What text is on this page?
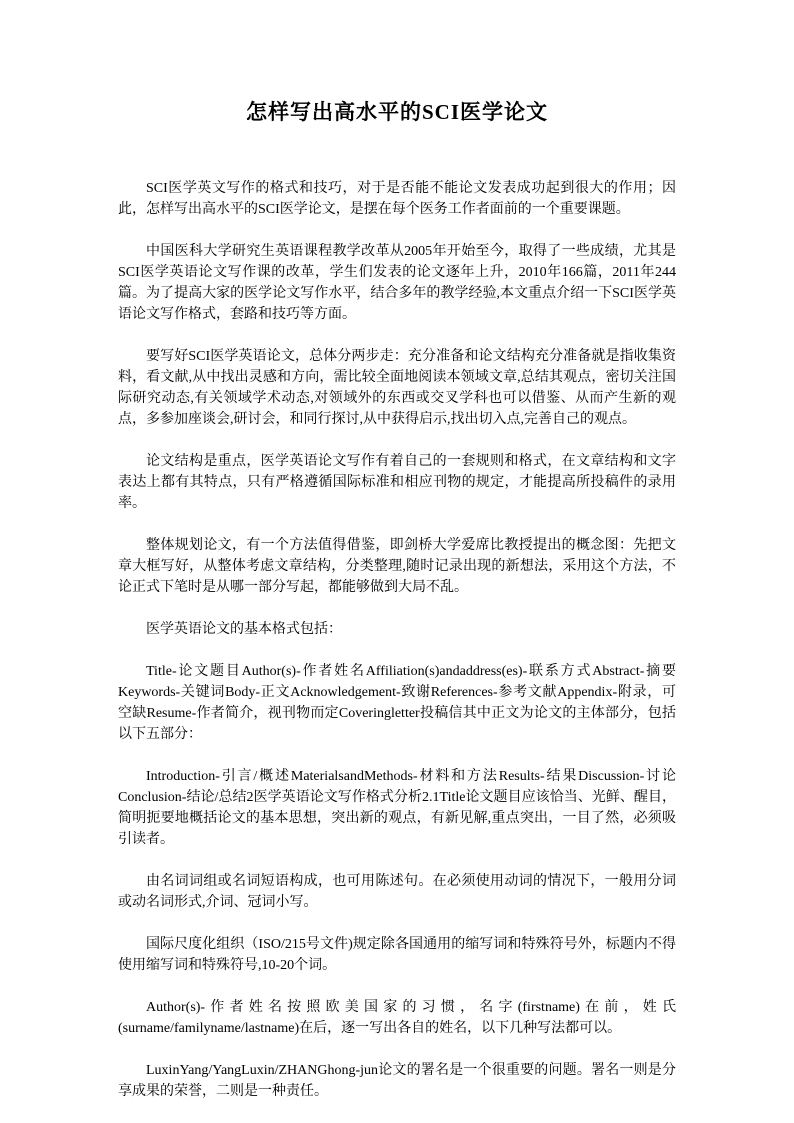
怎样写出高水平的SCI医学论文

SCI医学英文写作的格式和技巧，对于是否能不能论文发表成功起到很大的作用；因此，怎样写出高水平的SCI医学论文，是摆在每个医务工作者面前的一个重要课题。

中国医科大学研究生英语课程教学改革从2005年开始至今，取得了一些成绩，尤其是SCI医学英语论文写作课的改革，学生们发表的论文逐年上升，2010年166篇，2011年244篇。为了提高大家的医学论文写作水平，结合多年的教学经验,本文重点介绍一下SCI医学英语论文写作格式，套路和技巧等方面。

要写好SCI医学英语论文，总体分两步走：充分准备和论文结构充分准备就是指收集资料，看文献,从中找出灵感和方向，需比较全面地阅读本领域文章,总结其观点，密切关注国际研究动态,有关领域学术动态,对领域外的东西或交叉学科也可以借鉴、从而产生新的观点，多参加座谈会,研讨会，和同行探讨,从中获得启示,找出切入点,完善自己的观点。

论文结构是重点，医学英语论文写作有着自己的一套规则和格式，在文章结构和文字表达上都有其特点，只有严格遵循国际标准和相应刊物的规定，才能提高所投稿件的录用率。

整体规划论文，有一个方法值得借鉴，即剑桥大学爱席比教授提出的概念图：先把文章大框写好，从整体考虑文章结构，分类整理,随时记录出现的新想法，采用这个方法，不论正式下笔时是从哪一部分写起，都能够做到大局不乱。

医学英语论文的基本格式包括：

Title-论文题目Author(s)-作者姓名Affiliation(s)andaddress(es)-联系方式Abstract-摘要Keywords-关键词Body-正文Acknowledgement-致谢References-参考文献Appendix-附录，可空缺Resume-作者简介，视刊物而定Coveringletter投稿信其中正文为论文的主体部分，包括以下五部分：

Introduction-引言/概述MaterialsandMethods-材料和方法Results-结果Discussion-讨论Conclusion-结论/总结2医学英语论文写作格式分析2.1Title论文题目应该恰当、光鲜、醒目，简明扼要地概括论文的基本思想，突出新的观点，有新见解,重点突出，一目了然，必须吸引读者。

由名词词组或名词短语构成，也可用陈述句。在必须使用动词的情况下，一般用分词或动名词形式,介词、冠词小写。

国际尺度化组织（ISO/215号文件)规定除各国通用的缩写词和特殊符号外，标题内不得使用缩写词和特殊符号,10-20个词。

Author(s)-作者姓名按照欧美国家的习惯，名字(firstname)在前，姓氏(surname/familyname/lastname)在后，逐一写出各自的姓名，以下几种写法都可以。

LuxinYang/YangLuxin/ZHANGhong-jun论文的署名是一个很重要的问题。署名一则是分享成果的荣誉，二则是一种责任。
